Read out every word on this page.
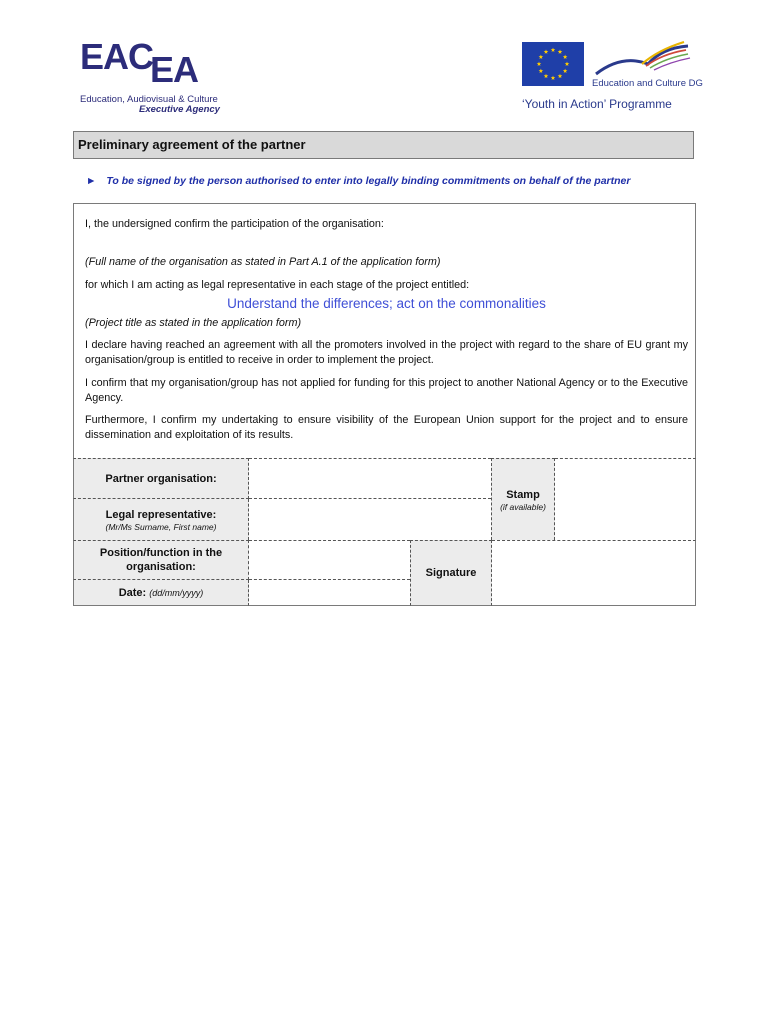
EAC
EA
Education, Audiovisual & Culture
Executive Agency
Education and Culture DG
‘Youth in Action’ Programme
Preliminary agreement of the partner
► To be signed by the person authorised to enter into legally binding commitments on behalf of the partner

I, the undersigned confirm the participation of the organisation:

(Full name of the organisation as stated in Part A.1 of the application form)

for which I am acting as legal representative in each stage of the project entitled:

Understand the differences; act on the commonalities

(Project title as stated in the application form)

I declare having reached an agreement with all the promoters involved in the project with regard to the share of EU grant my organisation/group is entitled to receive in order to implement the project.

I confirm that my organisation/group has not applied for funding for this project to another National Agency or to the Executive Agency.

Furthermore, I confirm my undertaking to ensure visibility of the European Union support for the project and to ensure dissemination and exploitation of its results.

Partner organisation:
Legal representative:
(Mr/Ms Surname, First name)
Stamp
(if available)
Position/function in the
organisation:
Date: (dd/mm/yyyy)
Signature
